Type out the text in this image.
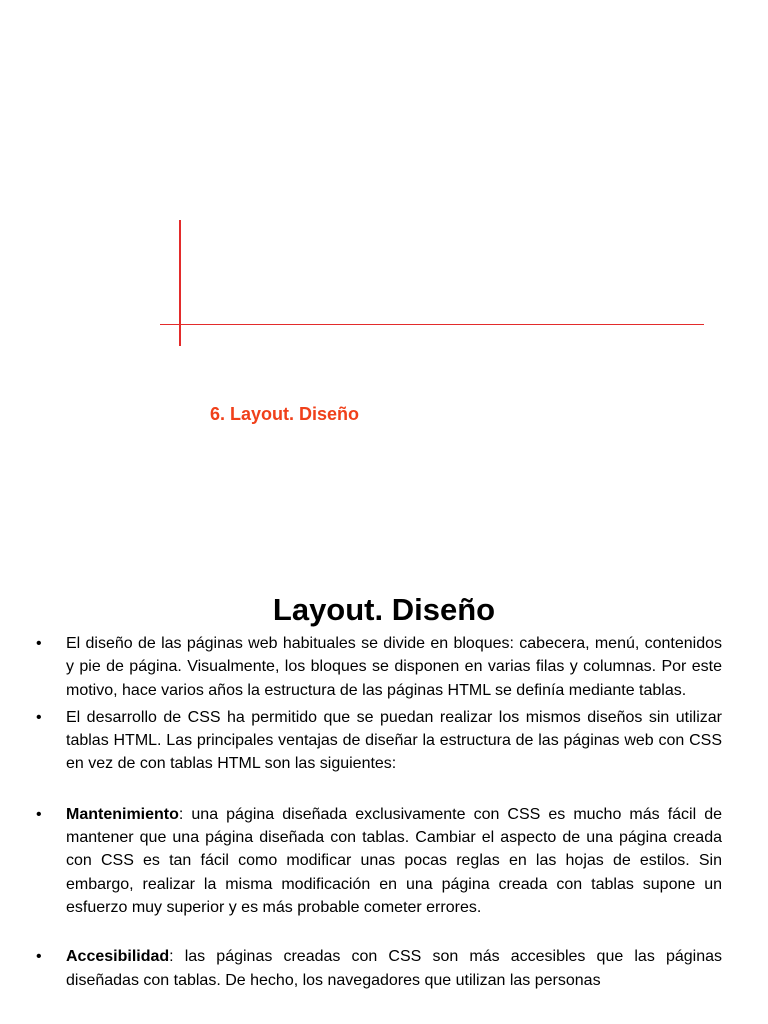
6. Layout. Diseño
Layout. Diseño

• El diseño de las páginas web habituales se divide en bloques: cabecera, menú, contenidos y pie de página. Visualmente, los bloques se disponen en varias filas y columnas. Por este motivo, hace varios años la estructura de las páginas HTML se definía mediante tablas.

• El desarrollo de CSS ha permitido que se puedan realizar los mismos diseños sin utilizar tablas HTML. Las principales ventajas de diseñar la estructura de las páginas web con CSS en vez de con tablas HTML son las siguientes:

• Mantenimiento: una página diseñada exclusivamente con CSS es mucho más fácil de mantener que una página diseñada con tablas. Cambiar el aspecto de una página creada con CSS es tan fácil como modificar unas pocas reglas en las hojas de estilos. Sin embargo, realizar la misma modificación en una página creada con tablas supone un esfuerzo muy superior y es más probable cometer errores.

• Accesibilidad: las páginas creadas con CSS son más accesibles que las páginas diseñadas con tablas. De hecho, los navegadores que utilizan las personas
